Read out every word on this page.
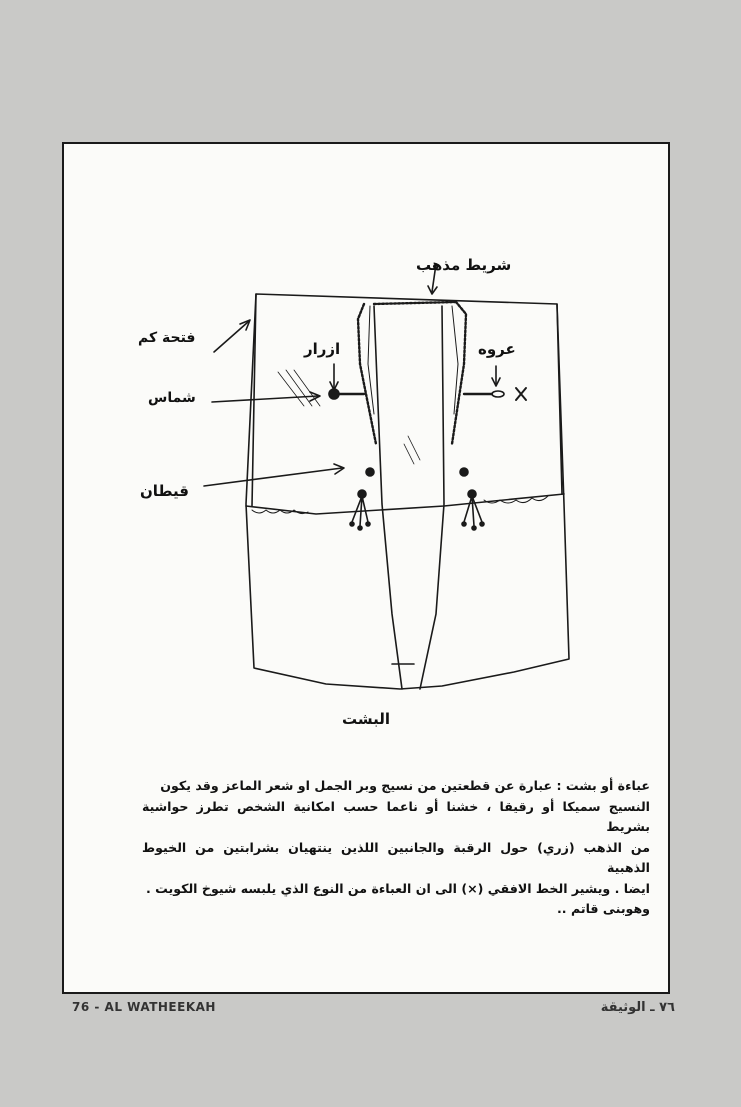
شريط مذهب
فتحة كم
ازرار	عروه
شماس
قيطان
البشت

عباءة أو بشت : عبارة عن قطعتين من نسيج وبر الجمل او شعر الماعز وقد يكون

النسيج سميكا أو رقيقا ، خشنا أو ناعما حسب امكانية الشخص تطرز حواشية بشريط

من الذهب (زري) حول الرقبة والجانبين اللذين ينتهيان بشرابتين من الخيوط الذهبية

ايضا . ويشير الخط الافقي (×) الى ان العباءة من النوع الذي يلبسه شيوخ الكويت .

وهوبنى قاتم ..

76 - AL WATHEEKAH	٧٦ ـ الوثيقة
